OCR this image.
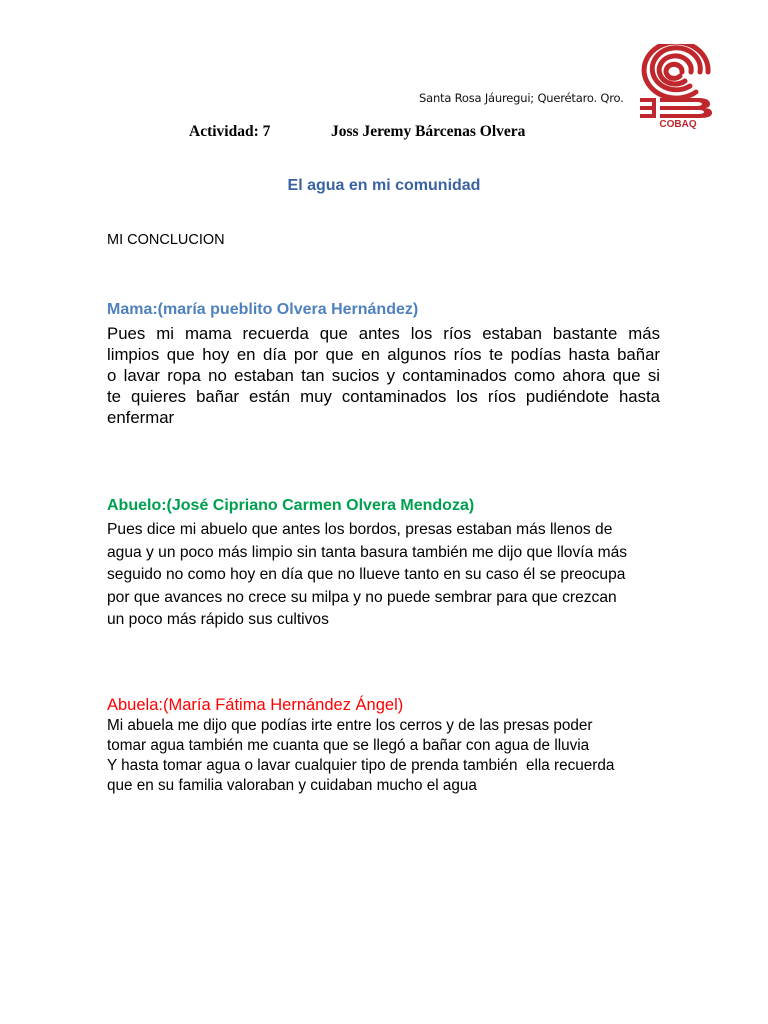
Santa Rosa Jáuregui; Querétaro. Qro.
COBAQ
Actividad: 7	Joss Jeremy Bárcenas Olvera
El agua en mi comunidad
MI CONCLUCION
Mama:(maría pueblito Olvera Hernández)

Pues mi mama recuerda que antes los ríos estaban bastante más
limpios que hoy en día por que en algunos ríos te podías hasta bañar
o lavar ropa no estaban tan sucios y contaminados como ahora que si
te quieres bañar están muy contaminados los ríos pudiéndote hasta
enfermar

Abuelo:(José Cipriano Carmen Olvera Mendoza)

Pues dice mi abuelo que antes los bordos, presas estaban más llenos de
agua y un poco más limpio sin tanta basura también me dijo que llovía más
seguido no como hoy en día que no llueve tanto en su caso él se preocupa
por que avances no crece su milpa y no puede sembrar para que crezcan
un poco más rápido sus cultivos

Abuela:(María Fátima Hernández Ángel)

Mi abuela me dijo que podías irte entre los cerros y de las presas poder
tomar agua también me cuanta que se llegó a bañar con agua de lluvia
Y hasta tomar agua o lavar cualquier tipo de prenda también  ella recuerda
que en su familia valoraban y cuidaban mucho el agua
